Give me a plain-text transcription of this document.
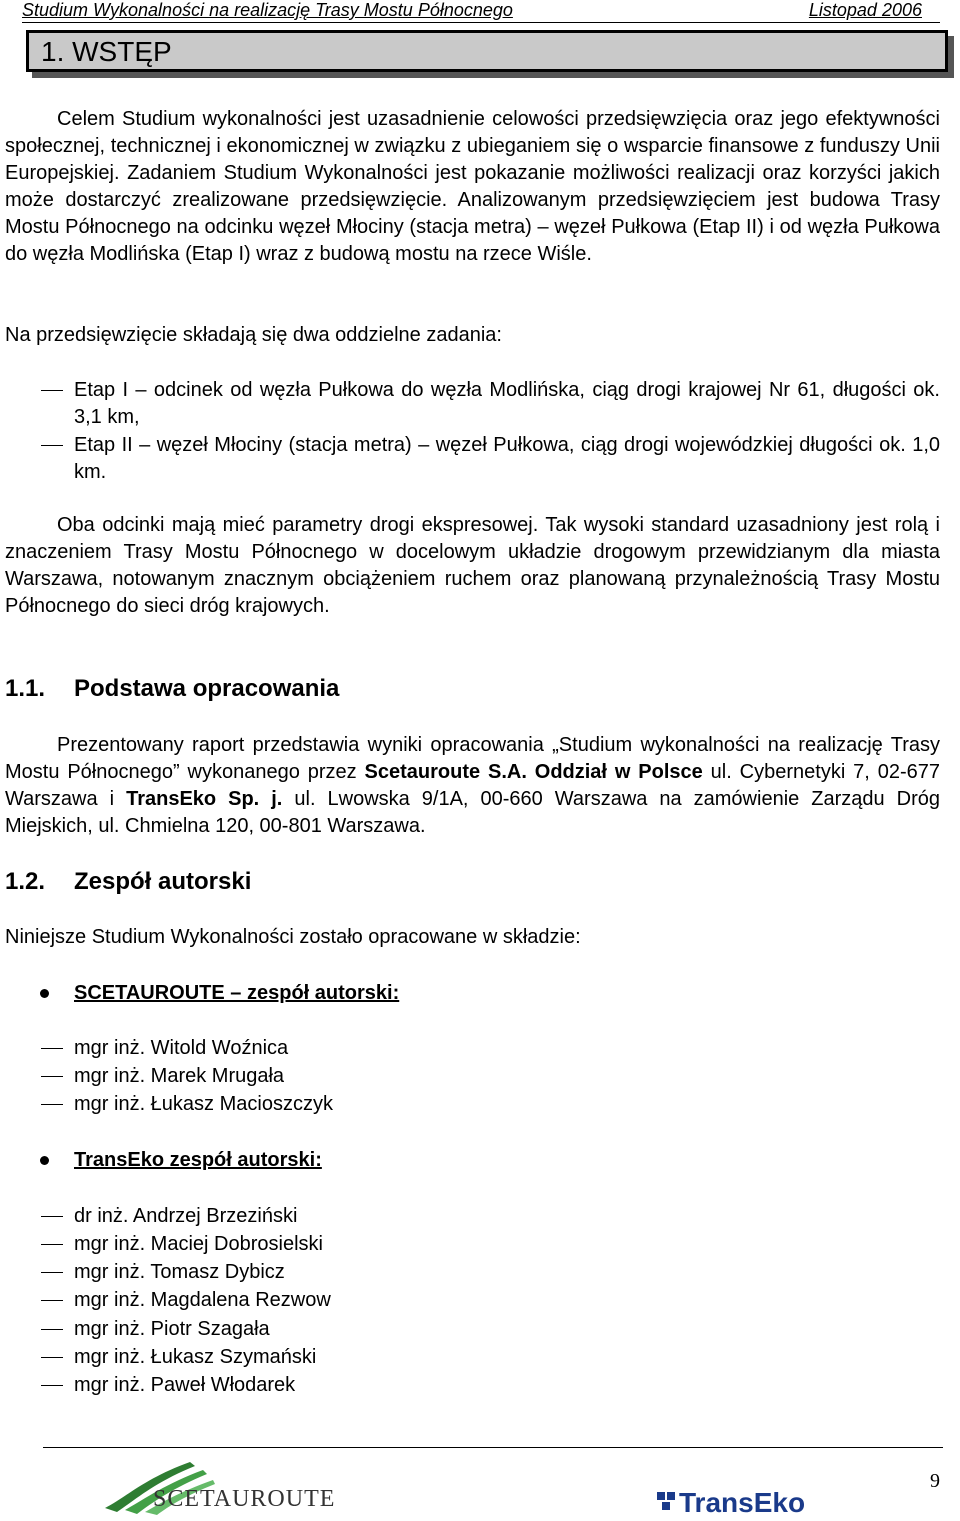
Studium Wykonalności na realizację Trasy Mostu Północnego	Listopad 2006
1. WSTĘP
Celem Studium wykonalności jest uzasadnienie celowości przedsięwzięcia oraz jego efektywności społecznej, technicznej i ekonomicznej w związku z ubieganiem się o wsparcie finansowe z funduszy Unii Europejskiej. Zadaniem Studium Wykonalności jest pokazanie możliwości realizacji oraz korzyści jakich może dostarczyć zrealizowane przedsięwzięcie. Analizowanym przedsięwzięciem jest budowa Trasy Mostu Północnego na odcinku węzeł Młociny (stacja metra) – węzeł Pułkowa (Etap II) i od węzła Pułkowa do węzła Modlińska (Etap I) wraz z budową mostu na rzece Wiśle.
Na przedsięwzięcie składają się dwa oddzielne zadania:
Etap I – odcinek od węzła Pułkowa do węzła Modlińska, ciąg drogi krajowej Nr 61, długości ok. 3,1 km,
Etap II – węzeł Młociny (stacja metra) – węzeł Pułkowa, ciąg drogi wojewódzkiej długości ok. 1,0 km.
Oba odcinki mają mieć parametry drogi ekspresowej. Tak wysoki standard uzasadniony jest rolą i znaczeniem Trasy Mostu Północnego w docelowym układzie drogowym przewidzianym dla miasta Warszawa, notowanym znacznym obciążeniem ruchem oraz planowaną przynależnością Trasy Mostu Północnego do sieci dróg krajowych.
1.1. Podstawa opracowania
Prezentowany raport przedstawia wyniki opracowania „Studium wykonalności na realizację Trasy Mostu Północnego” wykonanego przez Scetauroute S.A. Oddział w Polsce ul. Cybernetyki 7, 02-677 Warszawa i TransEko Sp. j. ul. Lwowska 9/1A, 00-660 Warszawa na zamówienie Zarządu Dróg Miejskich, ul. Chmielna 120, 00-801 Warszawa.
1.2. Zespół autorski
Niniejsze Studium Wykonalności zostało opracowane w składzie:
SCETAUROUTE – zespół autorski:
mgr inż. Witold Woźnica
mgr inż. Marek Mrugała
mgr inż. Łukasz Macioszczyk
TransEko zespół autorski:
dr inż. Andrzej Brzeziński
mgr inż. Maciej Dobrosielski
mgr inż. Tomasz Dybicz
mgr inż. Magdalena Rezwow
mgr inż. Piotr Szagała
mgr inż. Łukasz Szymański
mgr inż. Paweł Włodarek
SCETAUROUTE	TransEko
9
